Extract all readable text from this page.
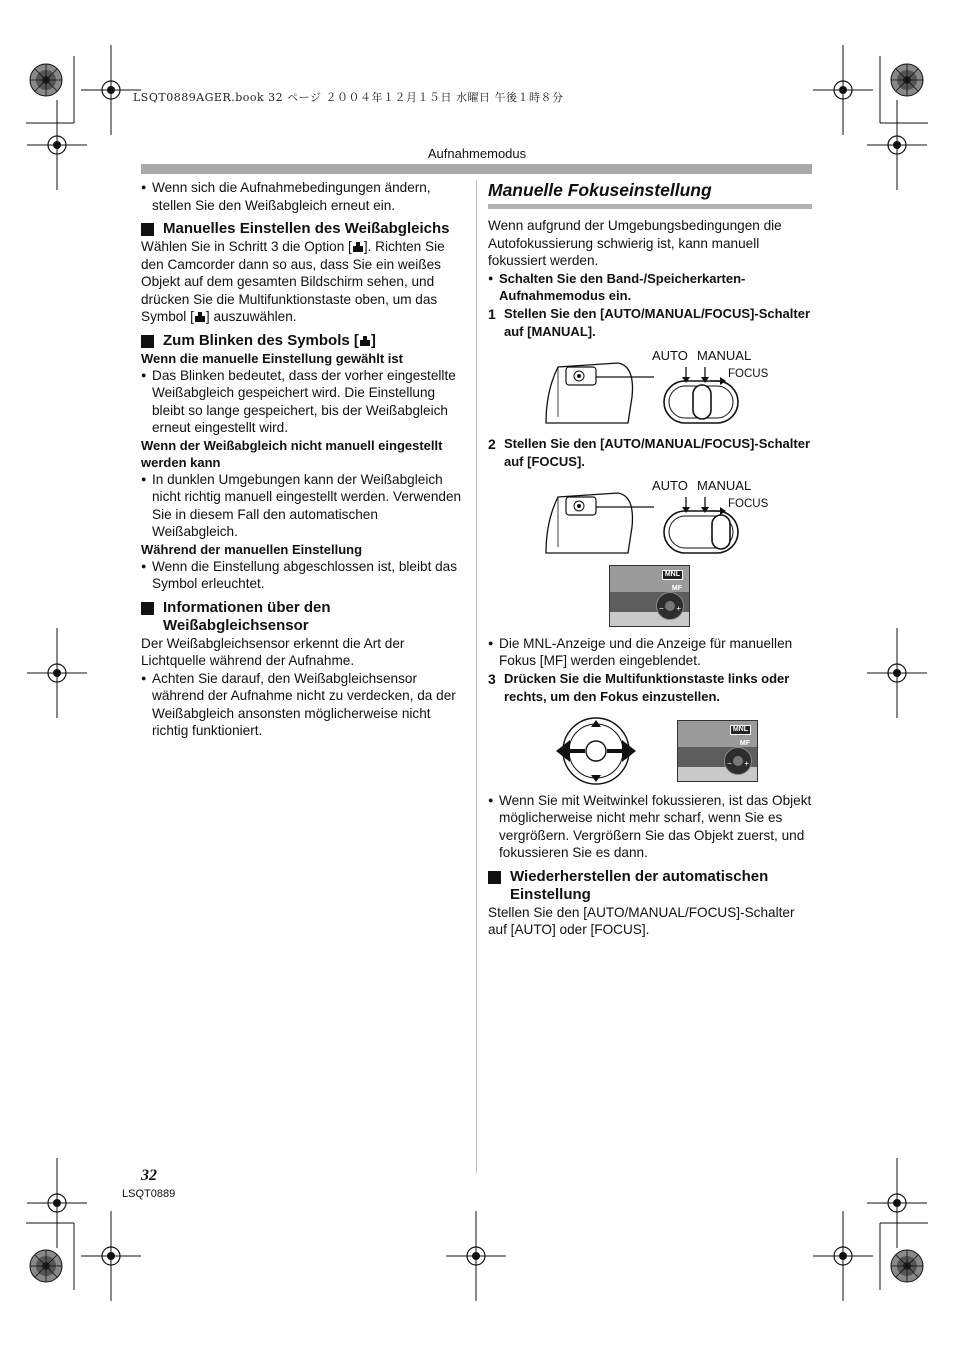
LSQT0889AGER.book 32 ページ ２００４年１２月１５日 水曜日 午後１時８分
Aufnahmemodus

● Wenn sich die Aufnahmebedingungen ändern, stellen Sie den Weißabgleich erneut ein.

Manuelles Einstellen des Weißabgleichs

Wählen Sie in Schritt 3 die Option [ ]. Richten Sie den Camcorder dann so aus, dass Sie ein weißes Objekt auf dem gesamten Bildschirm sehen, und drücken Sie die Multifunktionstaste oben, um das Symbol [ ] auszuwählen.

Zum Blinken des Symbols [ ]

Wenn die manuelle Einstellung gewählt ist

● Das Blinken bedeutet, dass der vorher eingestellte Weißabgleich gespeichert wird. Die Einstellung bleibt so lange gespeichert, bis der Weißabgleich erneut eingestellt wird.

Wenn der Weißabgleich nicht manuell eingestellt werden kann

● In dunklen Umgebungen kann der Weißabgleich nicht richtig manuell eingestellt werden. Verwenden Sie in diesem Fall den automatischen Weißabgleich.

Während der manuellen Einstellung

● Wenn die Einstellung abgeschlossen ist, bleibt das Symbol erleuchtet.

Informationen über den Weißabgleichsensor

Der Weißabgleichsensor erkennt die Art der Lichtquelle während der Aufnahme.

● Achten Sie darauf, den Weißabgleichsensor während der Aufnahme nicht zu verdecken, da der Weißabgleich ansonsten möglicherweise nicht richtig funktioniert.

Manuelle Fokuseinstellung

Wenn aufgrund der Umgebungsbedingungen die Autofokussierung schwierig ist, kann manuell fokussiert werden.

● Schalten Sie den Band-/Speicherkarten-Aufnahmemodus ein.

1 Stellen Sie den [AUTO/MANUAL/FOCUS]-Schalter auf [MANUAL].
AUTO MANUAL
FOCUS
2 Stellen Sie den [AUTO/MANUAL/FOCUS]-Schalter auf [FOCUS].
AUTO MANUAL
FOCUS
MNL
MF
− +

● Die MNL-Anzeige und die Anzeige für manuellen Fokus [MF] werden eingeblendet.

3 Drücken Sie die Multifunktionstaste links oder rechts, um den Fokus einzustellen.
MNL
MF
− +

● Wenn Sie mit Weitwinkel fokussieren, ist das Objekt möglicherweise nicht mehr scharf, wenn Sie es vergrößern. Vergrößern Sie das Objekt zuerst, und fokussieren Sie es dann.

Wiederherstellen der automatischen Einstellung

Stellen Sie den [AUTO/MANUAL/FOCUS]-Schalter auf [AUTO] oder [FOCUS].

32
LSQT0889
